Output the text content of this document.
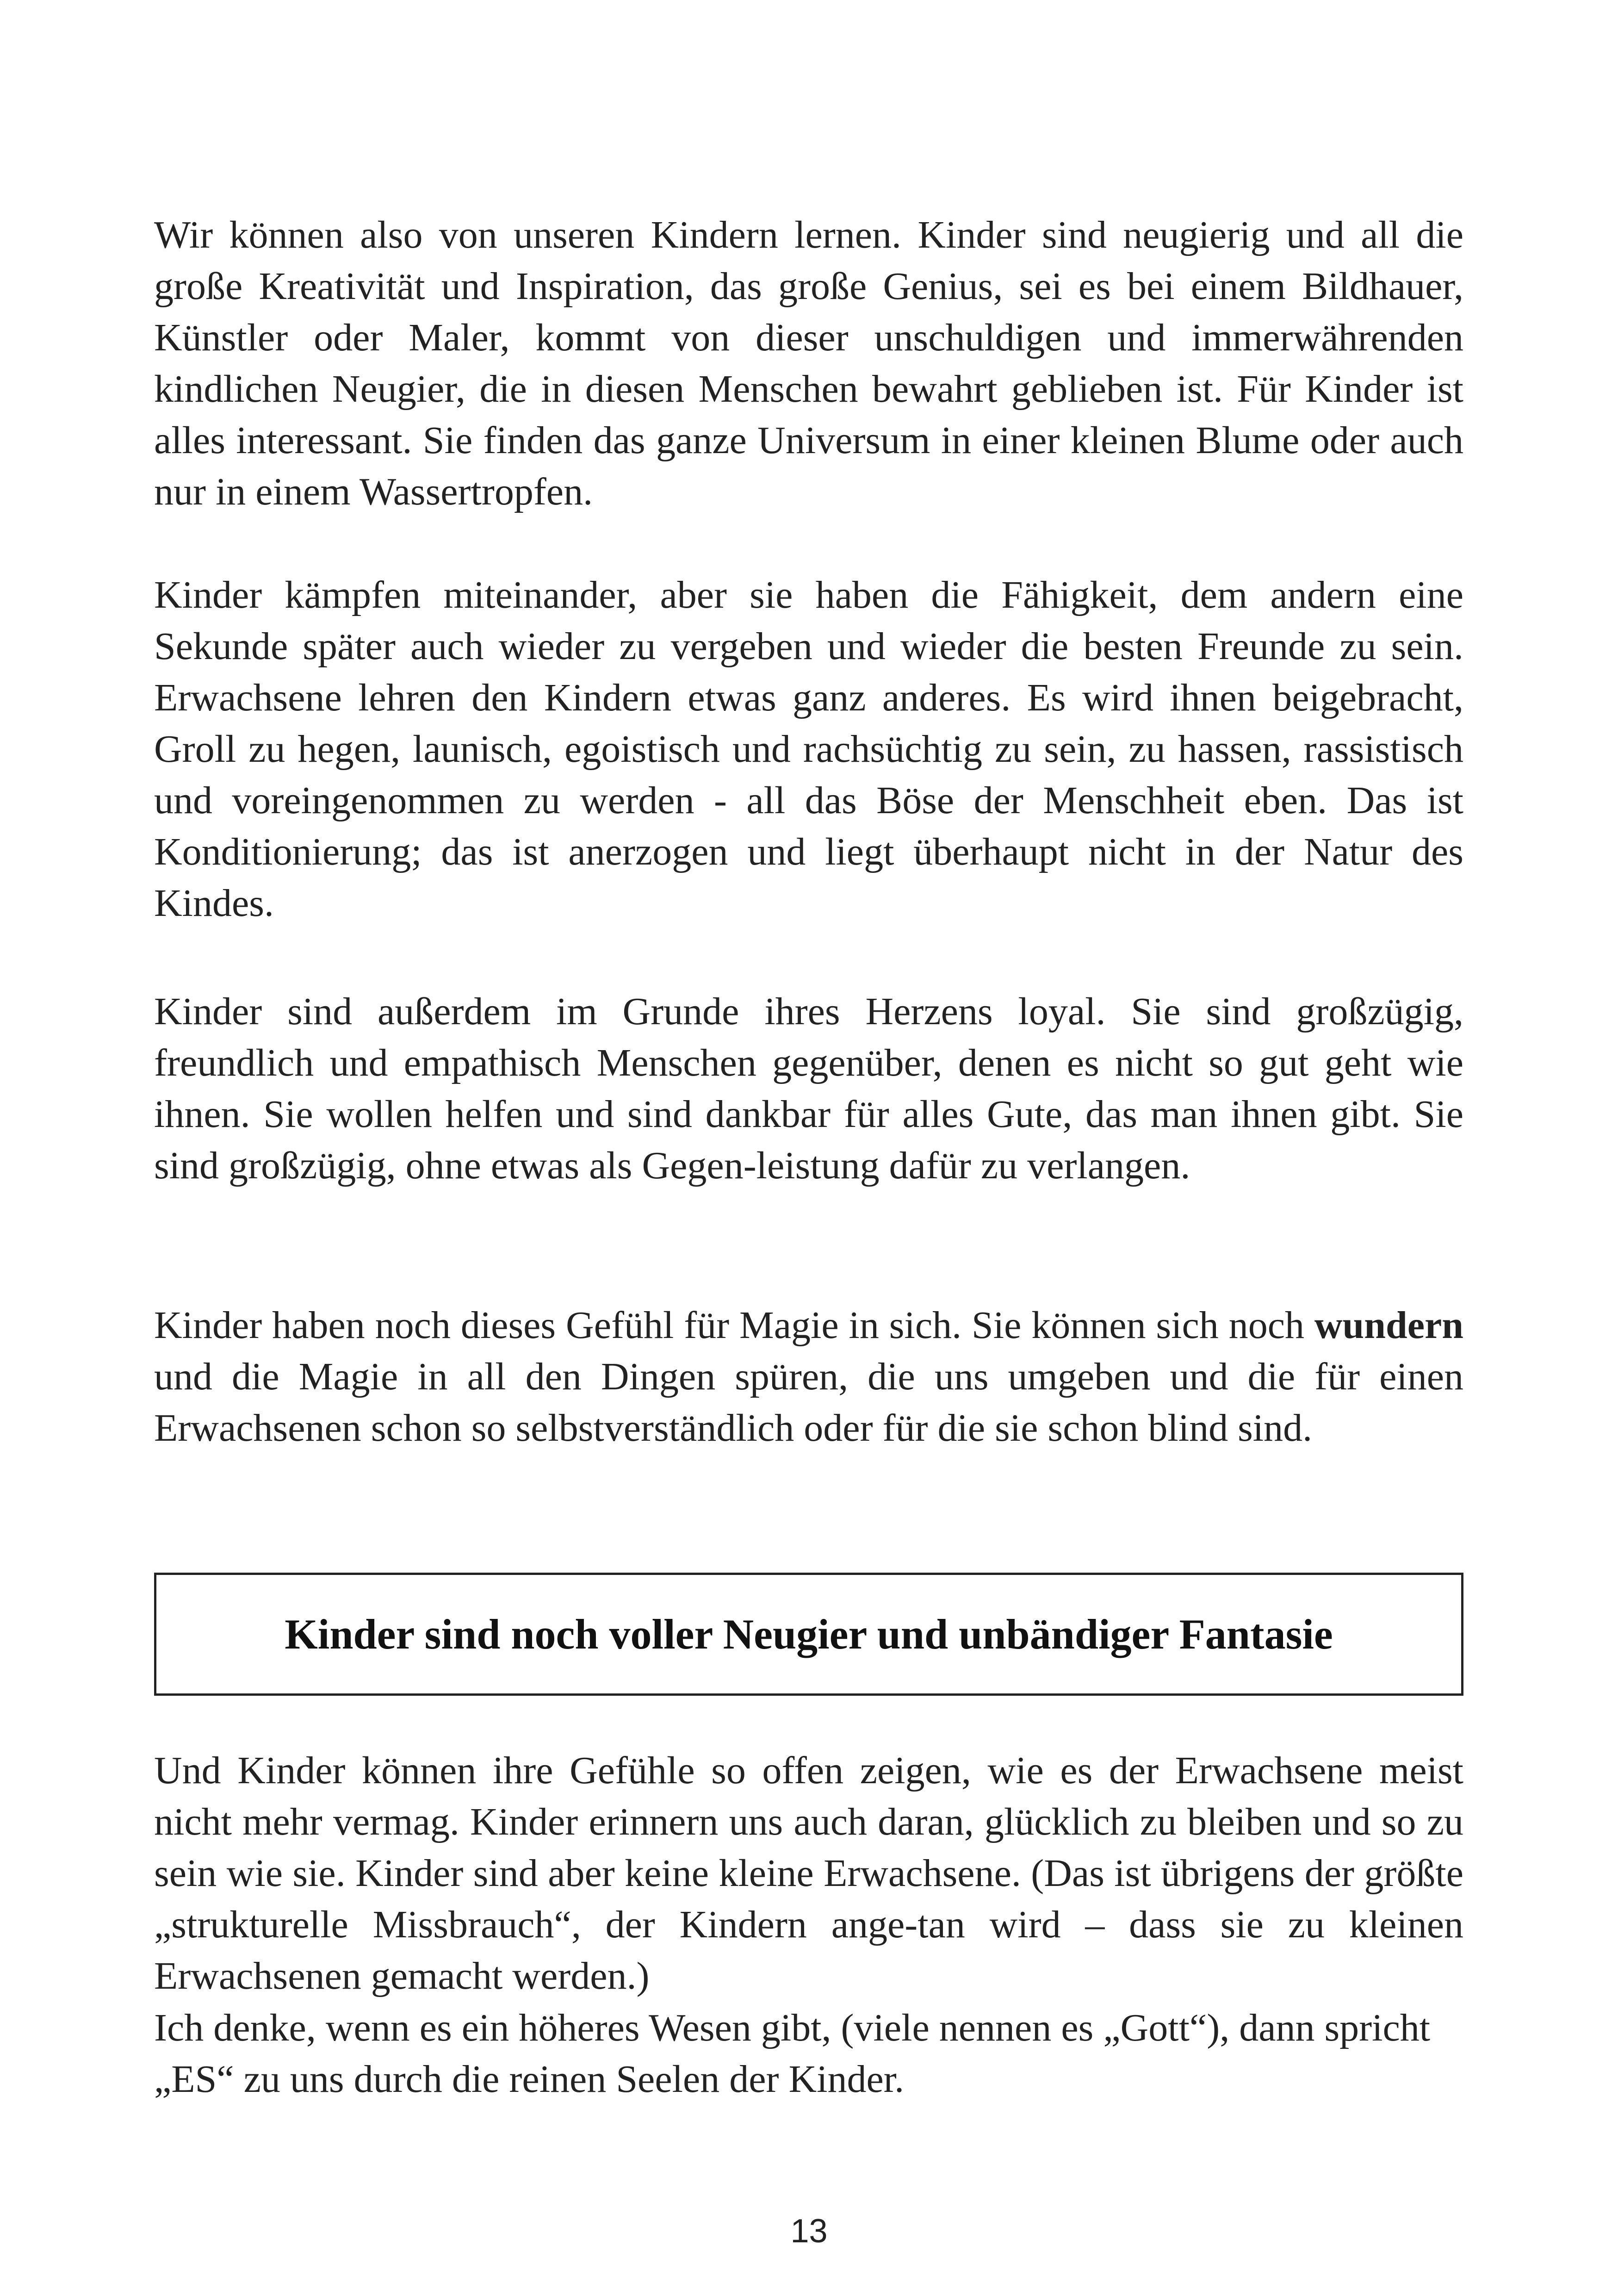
Wir können also von unseren Kindern lernen. Kinder sind neugierig und all die große Kreativität und Inspiration, das große Genius, sei es bei einem Bildhauer, Künstler oder Maler, kommt von dieser unschuldigen und immerwährenden kindlichen Neugier, die in diesen Menschen bewahrt geblieben ist. Für Kinder ist alles interessant. Sie finden das ganze Universum in einer kleinen Blume oder auch nur in einem Wassertropfen.

Kinder kämpfen miteinander, aber sie haben die Fähigkeit, dem andern eine Sekunde später auch wieder zu vergeben und wieder die besten Freunde zu sein. Erwachsene lehren den Kindern etwas ganz anderes. Es wird ihnen beigebracht, Groll zu hegen, launisch, egoistisch und rachsüchtig zu sein, zu hassen, rassistisch und voreingenommen zu werden - all das Böse der Menschheit eben. Das ist Konditionierung; das ist anerzogen und liegt überhaupt nicht in der Natur des Kindes.

Kinder sind außerdem im Grunde ihres Herzens loyal. Sie sind großzügig, freundlich und empathisch Menschen gegenüber, denen es nicht so gut geht wie ihnen. Sie wollen helfen und sind dankbar für alles Gute, das man ihnen gibt. Sie sind großzügig, ohne etwas als Gegen-leistung dafür zu verlangen.

Kinder haben noch dieses Gefühl für Magie in sich. Sie können sich noch wundern und die Magie in all den Dingen spüren, die uns umgeben und die für einen Erwachsenen schon so selbstverständlich oder für die sie schon blind sind.

Kinder sind noch voller Neugier und unbändiger Fantasie

Und Kinder können ihre Gefühle so offen zeigen, wie es der Erwachsene meist nicht mehr vermag. Kinder erinnern uns auch daran, glücklich zu bleiben und so zu sein wie sie. Kinder sind aber keine kleine Erwachsene. (Das ist übrigens der größte „strukturelle Missbrauch“, der Kindern ange-tan wird – dass sie zu kleinen Erwachsenen gemacht werden.)

Ich denke, wenn es ein höheres Wesen gibt, (viele nennen es „Gott“), dann spricht „ES“ zu uns durch die reinen Seelen der Kinder.

13
